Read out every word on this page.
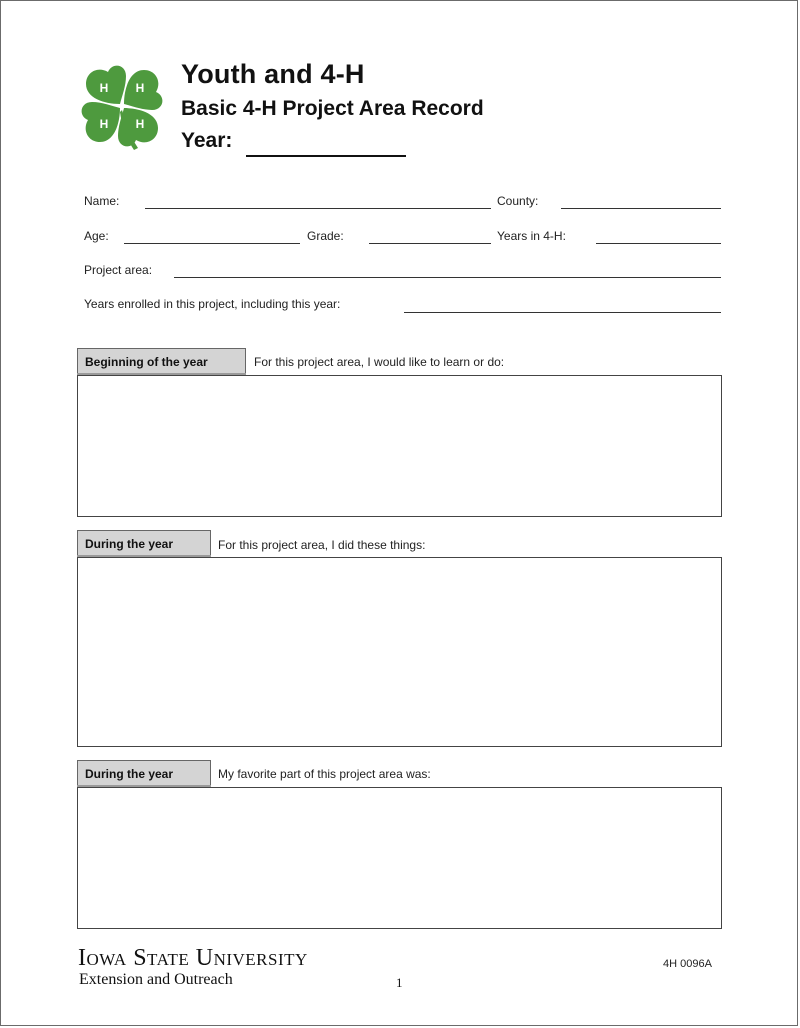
H H
H
H
Youth and 4-H
Basic 4-H Project Area Record
Year:
Name:	County:
Age:	Grade:	Years in 4-H:
Project area:
Years enrolled in this project, including this year:
Beginning of the year	For this project area, I would like to learn or do:
During the year	For this project area, I did these things:
During the year	My favorite part of this project area was:
Iowa State University
Extension and Outreach	1
4H 0096A
